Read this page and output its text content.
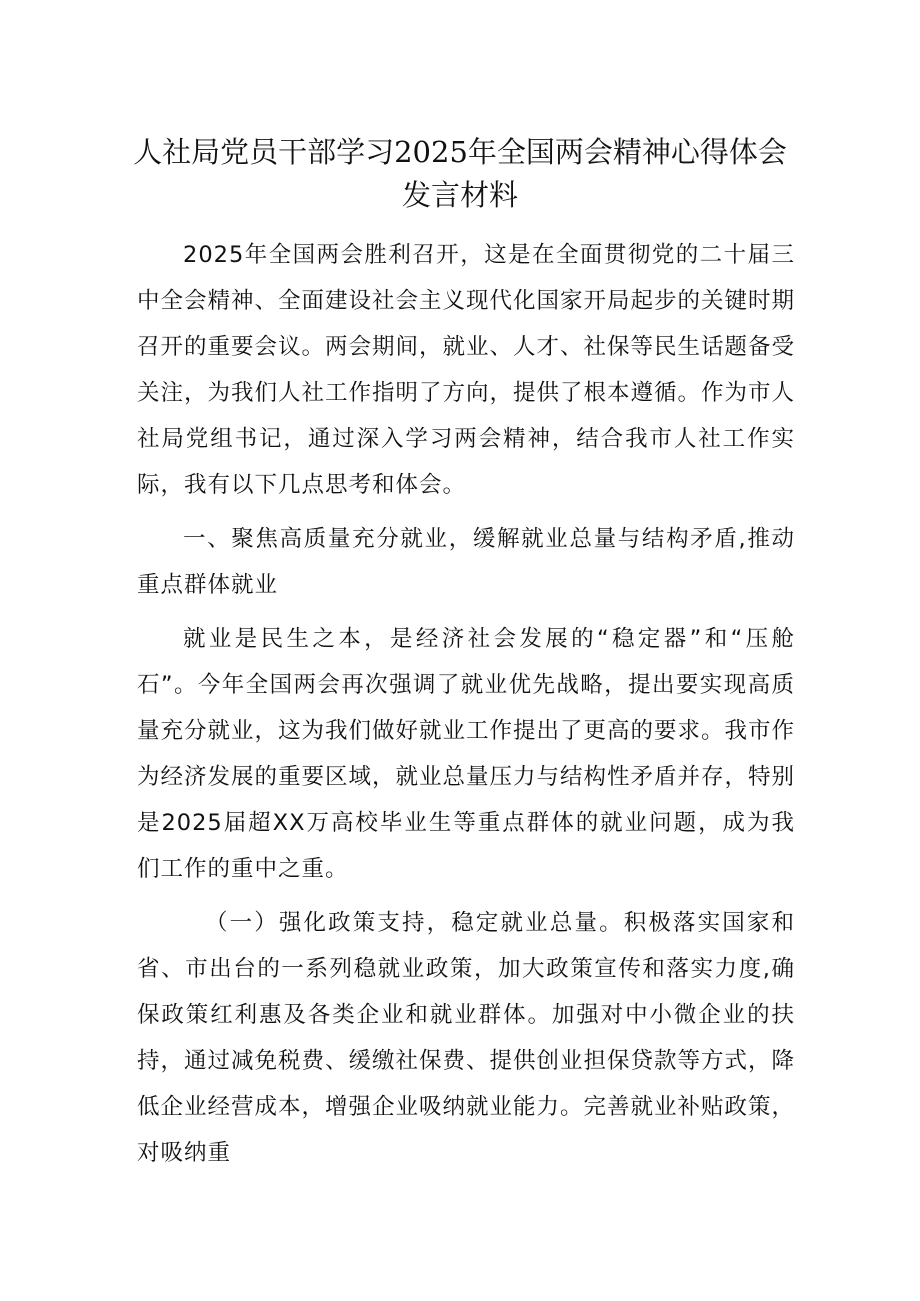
人社局党员干部学习2025年全国两会精神心得体会
发言材料

2025年全国两会胜利召开，这是在全面贯彻党的二十届三中全会精神、全面建设社会主义现代化国家开局起步的关键时期召开的重要会议。两会期间，就业、人才、社保等民生话题备受关注，为我们人社工作指明了方向，提供了根本遵循。作为市人社局党组书记，通过深入学习两会精神，结合我市人社工作实际，我有以下几点思考和体会。

一、聚焦高质量充分就业，缓解就业总量与结构矛盾,推动重点群体就业

就业是民生之本，是经济社会发展的“稳定器”和“压舱石”。今年全国两会再次强调了就业优先战略，提出要实现高质量充分就业，这为我们做好就业工作提出了更高的要求。我市作为经济发展的重要区域，就业总量压力与结构性矛盾并存，特别是2025届超XX万高校毕业生等重点群体的就业问题，成为我们工作的重中之重。

（一）强化政策支持，稳定就业总量。积极落实国家和省、市出台的一系列稳就业政策，加大政策宣传和落实力度,确保政策红利惠及各类企业和就业群体。加强对中小微企业的扶持，通过减免税费、缓缴社保费、提供创业担保贷款等方式，降低企业经营成本，增强企业吸纳就业能力。完善就业补贴政策，对吸纳重
